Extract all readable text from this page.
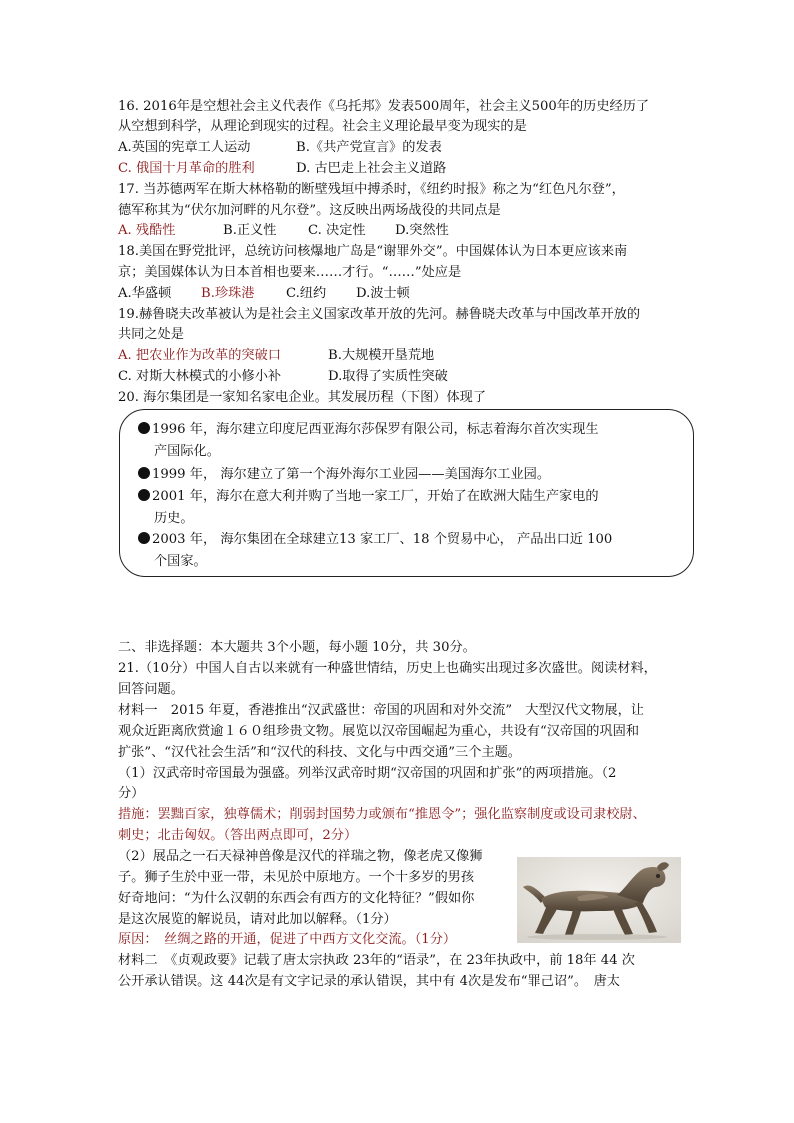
16. 2016年是空想社会主义代表作《乌托邦》发表500周年，社会主义500年的历史经历了
从空想到科学，从理论到现实的过程。社会主义理论最早变为现实的是
A.英国的宪章工人运动	B.《共产党宣言》的发表
C. 俄国十月革命的胜利	D. 古巴走上社会主义道路
17. 当苏德两军在斯大林格勒的断壁残垣中搏杀时，《纽约时报》称之为“红色凡尔登”，
德军称其为“伏尔加河畔的凡尔登”。这反映出两场战役的共同点是
A. 残酷性	B.正义性 C. 决定性 D.突然性
18.美国在野党批评，总统访问核爆地广岛是“谢罪外交”。中国媒体认为日本更应该来南
京；美国媒体认为日本首相也要来……才行。“……”处应是
A.华盛顿 B.珍珠港 C.纽约 D.波士顿
19.赫鲁晓夫改革被认为是社会主义国家改革开放的先河。赫鲁晓夫改革与中国改革开放的
共同之处是
A. 把农业作为改革的突破口	B.大规模开垦荒地
C. 对斯大林模式的小修小补	D.取得了实质性突破
20. 海尔集团是一家知名家电企业。其发展历程（下图）体现了
1996 年，海尔建立印度尼西亚海尔莎保罗有限公司，标志着海尔首次实现生
产国际化。
1999 年， 海尔建立了第一个海外海尔工业园——美国海尔工业园。
2001 年，海尔在意大利并购了当地一家工厂，开始了在欧洲大陆生产家电的
历史。
2003 年， 海尔集团在全球建立13 家工厂、18 个贸易中心， 产品出口近 100
个国家。
二、非选择题：本大题共 3个小题，每小题 10分，共 30分。
21.（10分）中国人自古以来就有一种盛世情结，历史上也确实出现过多次盛世。阅读材料，
回答问题。
材料一　2015 年夏，香港推出“汉武盛世：帝国的巩固和对外交流”　大型汉代文物展，让
观众近距离欣赏逾１６０组珍贵文物。展览以汉帝国崛起为重心，共设有“汉帝国的巩固和
扩张”、“汉代社会生活”和“汉代的科技、文化与中西交通”三个主题。
（1）汉武帝时帝国最为强盛。列举汉武帝时期“汉帝国的巩固和扩张”的两项措施。（2
分）
措施：罢黜百家，独尊儒术；削弱封国势力或颁布“推恩令”；强化监察制度或设司隶校尉、
刺史；北击匈奴。（答出两点即可，2分）
（2）展品之一石天禄神兽像是汉代的祥瑞之物，像老虎又像狮
子。狮子生於中亚一带，未见於中原地方。一个十多岁的男孩
好奇地问：“为什么汉朝的东西会有西方的文化特征？”假如你
是这次展览的解说员，请对此加以解释。（1分）
原因：　丝绸之路的开通，促进了中西方文化交流。（1分）
材料二　《贞观政要》记载了唐太宗执政 23年的“语录”，在 23年执政中，前 18年 44 次
公开承认错误。这 44次是有文字记录的承认错误，其中有 4次是发布“罪己诏”。　唐太
